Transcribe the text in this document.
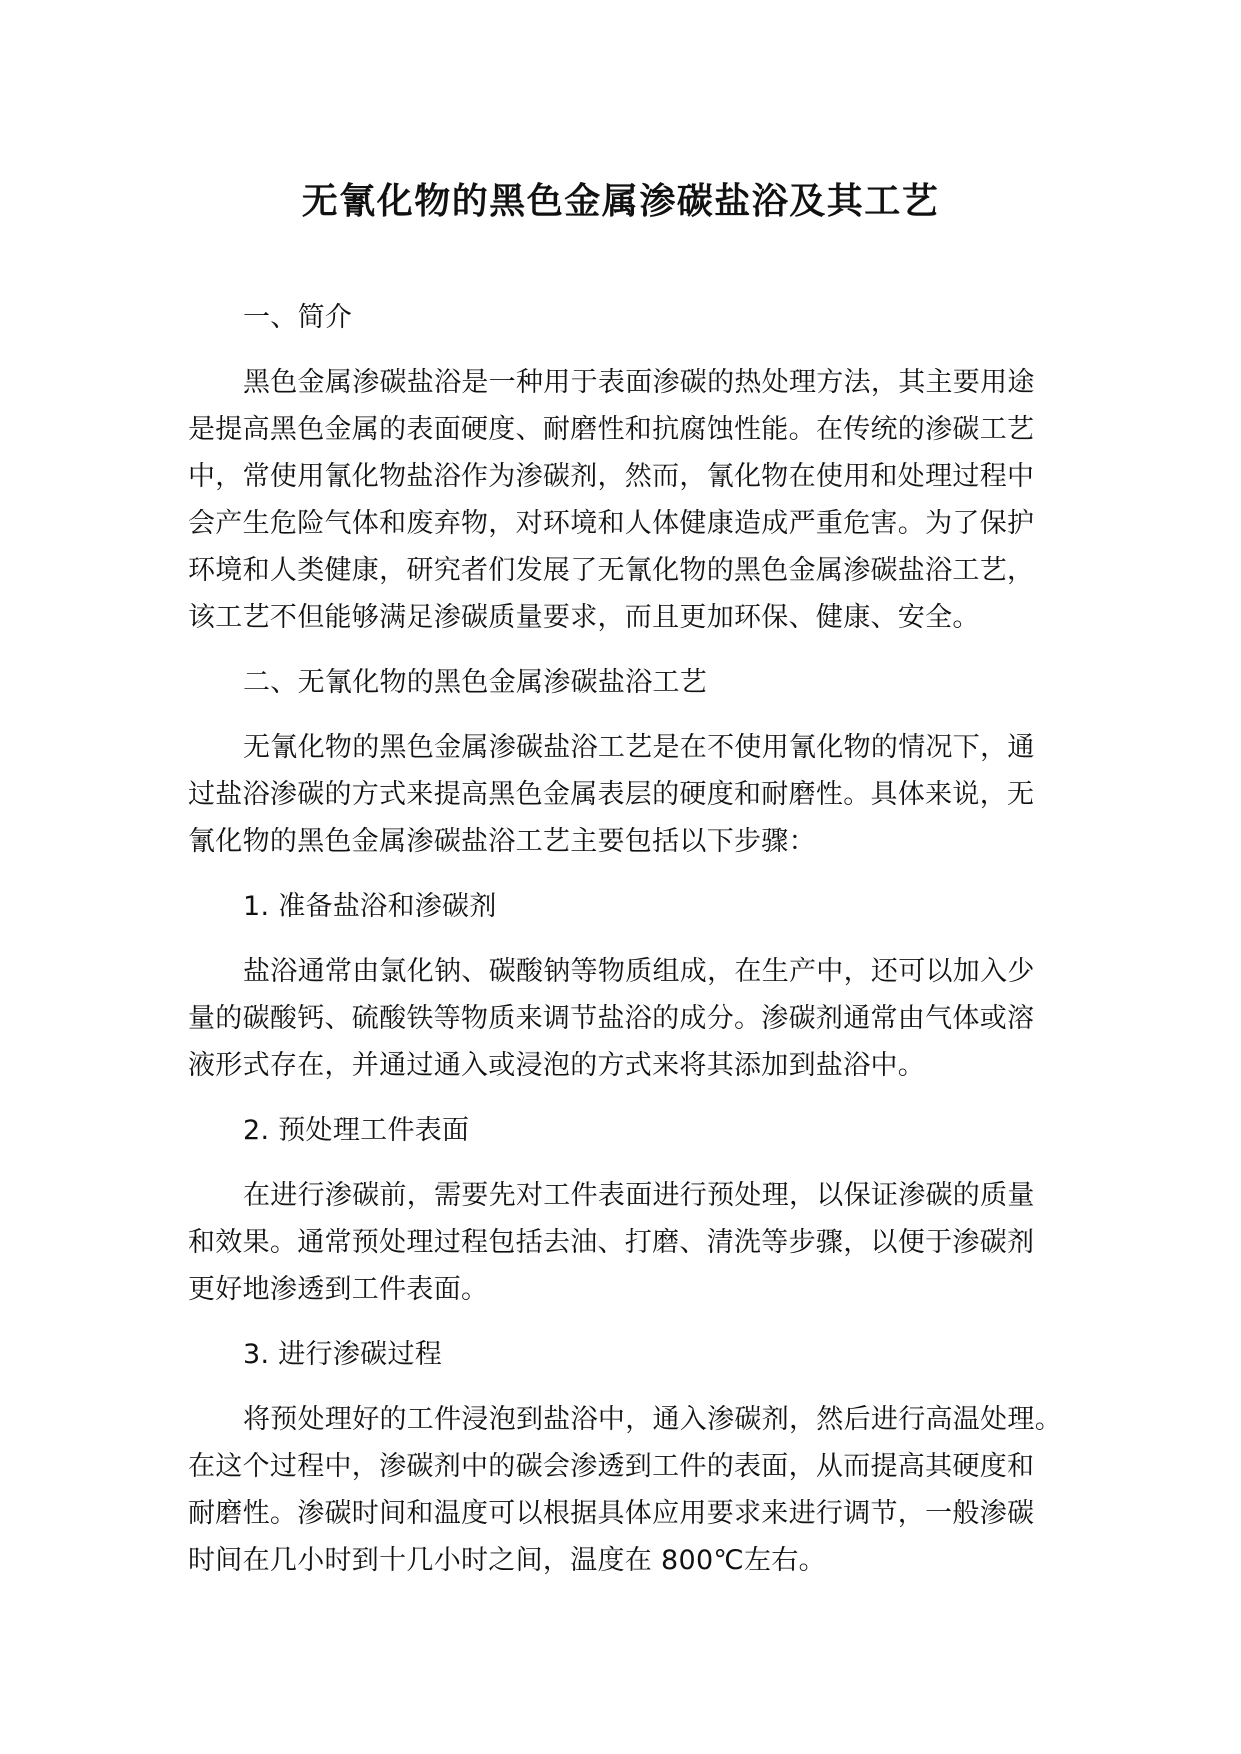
无氰化物的黑色金属渗碳盐浴及其工艺
一、简介
黑色金属渗碳盐浴是一种用于表面渗碳的热处理方法，其主要用途
是提高黑色金属的表面硬度、耐磨性和抗腐蚀性能。在传统的渗碳工艺
中，常使用氰化物盐浴作为渗碳剂，然而，氰化物在使用和处理过程中
会产生危险气体和废弃物，对环境和人体健康造成严重危害。为了保护
环境和人类健康，研究者们发展了无氰化物的黑色金属渗碳盐浴工艺，
该工艺不但能够满足渗碳质量要求，而且更加环保、健康、安全。
二、无氰化物的黑色金属渗碳盐浴工艺
无氰化物的黑色金属渗碳盐浴工艺是在不使用氰化物的情况下，通
过盐浴渗碳的方式来提高黑色金属表层的硬度和耐磨性。具体来说，无
氰化物的黑色金属渗碳盐浴工艺主要包括以下步骤：
1. 准备盐浴和渗碳剂
盐浴通常由氯化钠、碳酸钠等物质组成，在生产中，还可以加入少
量的碳酸钙、硫酸铁等物质来调节盐浴的成分。渗碳剂通常由气体或溶
液形式存在，并通过通入或浸泡的方式来将其添加到盐浴中。
2. 预处理工件表面
在进行渗碳前，需要先对工件表面进行预处理，以保证渗碳的质量
和效果。通常预处理过程包括去油、打磨、清洗等步骤，以便于渗碳剂
更好地渗透到工件表面。
3. 进行渗碳过程
将预处理好的工件浸泡到盐浴中，通入渗碳剂，然后进行高温处理。
在这个过程中，渗碳剂中的碳会渗透到工件的表面，从而提高其硬度和
耐磨性。渗碳时间和温度可以根据具体应用要求来进行调节，一般渗碳
时间在几小时到十几小时之间，温度在 800℃左右。
